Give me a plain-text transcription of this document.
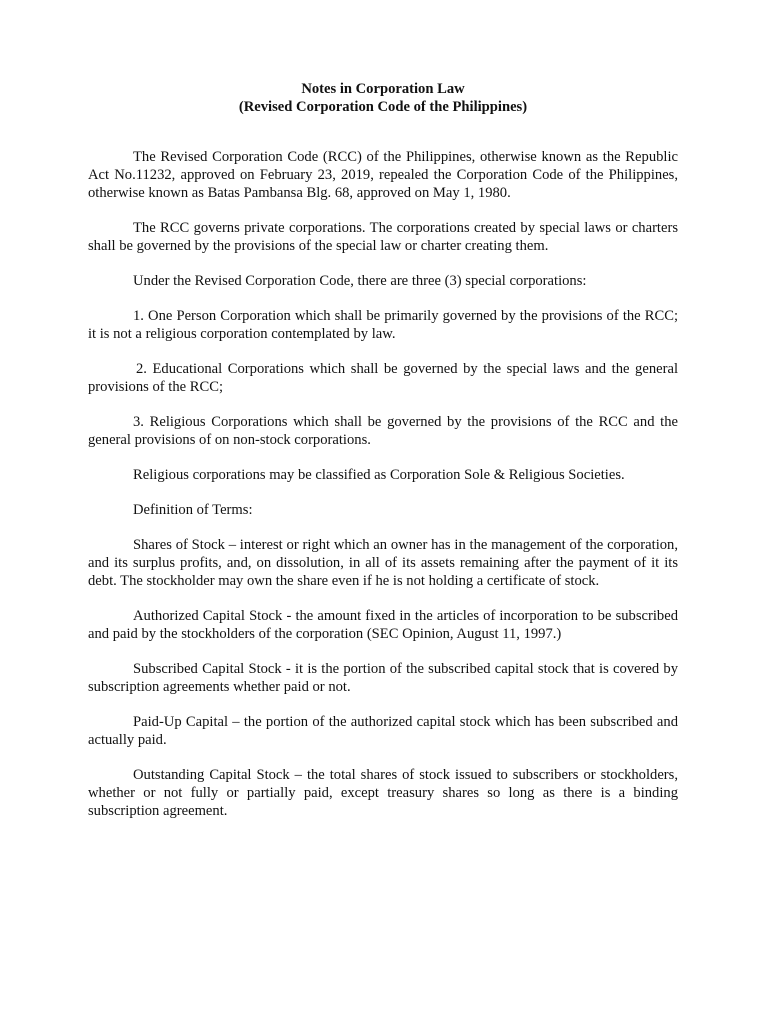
Notes in Corporation Law
(Revised Corporation Code of the Philippines)

The Revised Corporation Code (RCC) of the Philippines, otherwise known as the Republic Act No.11232, approved on February 23, 2019, repealed the Corporation Code of the Philippines, otherwise known as Batas Pambansa Blg. 68, approved on May 1, 1980.

The RCC governs private corporations. The corporations created by special laws or charters shall be governed by the provisions of the special law or charter creating them.

Under the Revised Corporation Code, there are three (3) special corporations:

1. One Person Corporation which shall be primarily governed by the provisions of the RCC; it is not a religious corporation contemplated by law.

2. Educational Corporations which shall be governed by the special laws and the general provisions of the RCC;

3. Religious Corporations which shall be governed by the provisions of the RCC and the general provisions of on non-stock corporations.

Religious corporations may be classified as Corporation Sole & Religious Societies.

Definition of Terms:

Shares of Stock – interest or right which an owner has in the management of the corporation, and its surplus profits, and, on dissolution, in all of its assets remaining after the payment of it its debt. The stockholder may own the share even if he is not holding a certificate of stock.

Authorized Capital Stock - the amount fixed in the articles of incorporation to be subscribed and paid by the stockholders of the corporation (SEC Opinion, August 11, 1997.)

Subscribed Capital Stock - it is the portion of the subscribed capital stock that is covered by subscription agreements whether paid or not.

Paid-Up Capital – the portion of the authorized capital stock which has been subscribed and actually paid.

Outstanding Capital Stock – the total shares of stock issued to subscribers or stockholders, whether or not fully or partially paid, except treasury shares so long as there is a binding subscription agreement.
